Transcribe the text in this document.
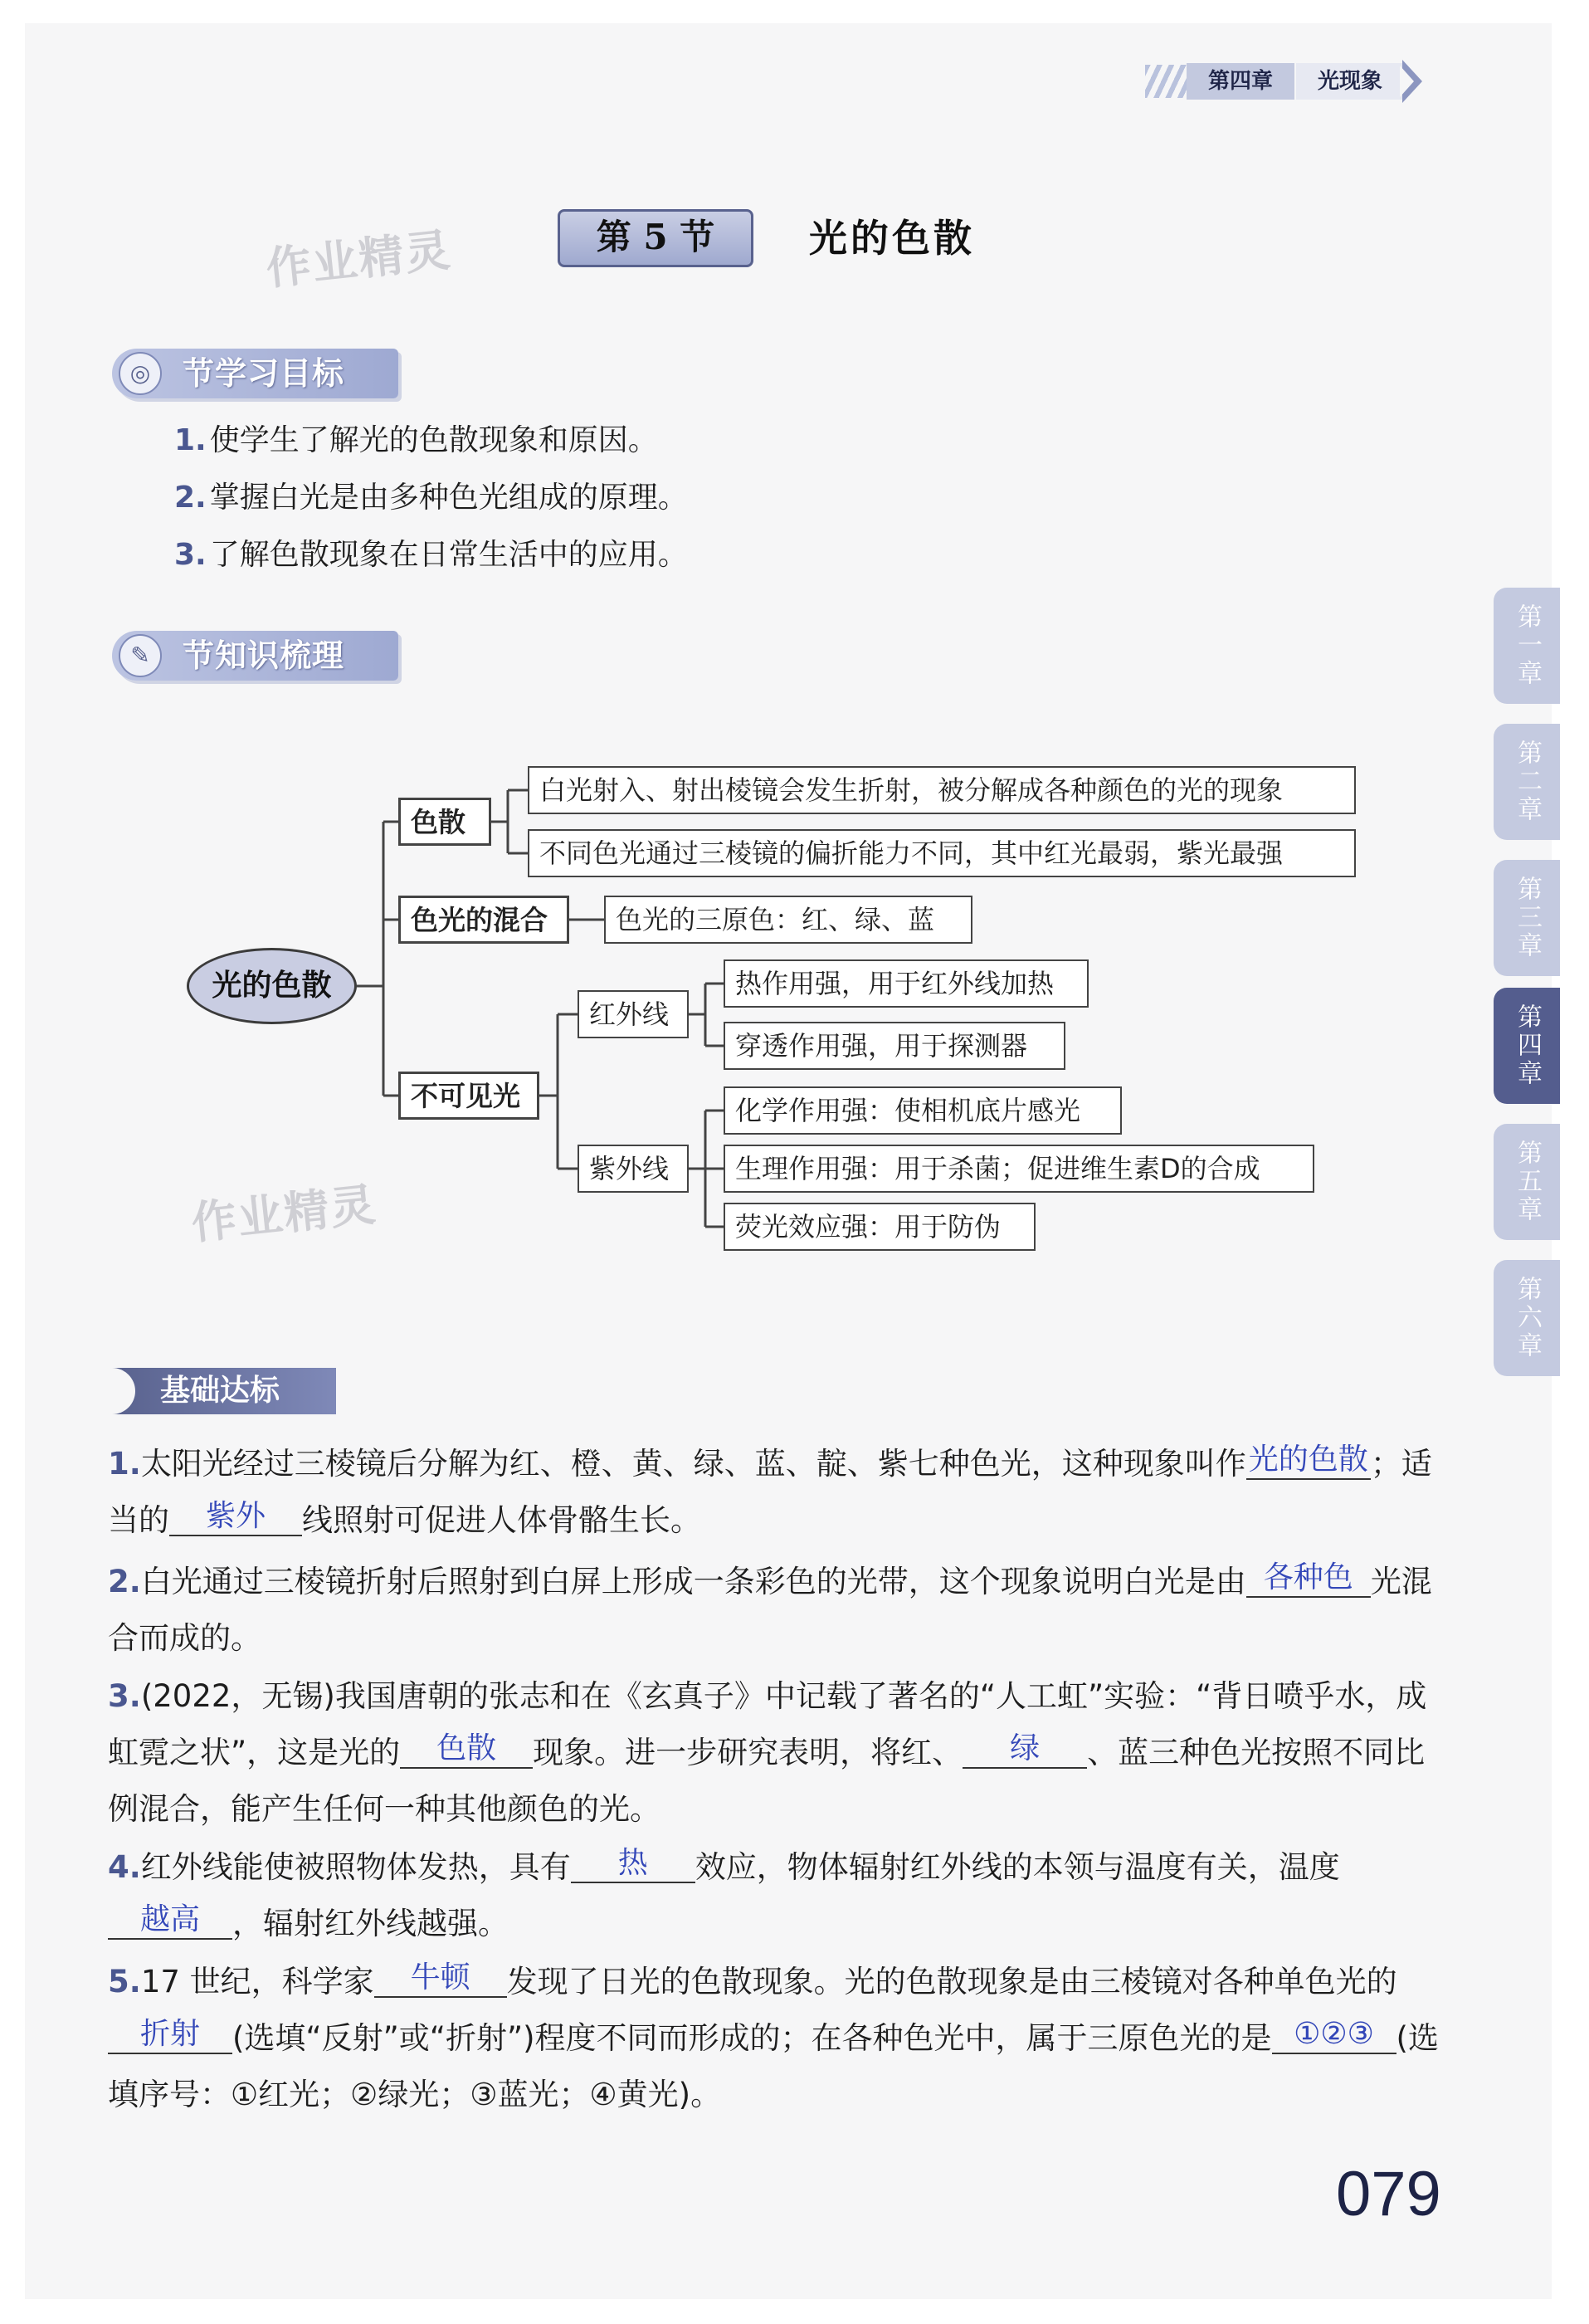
第四章	光现象
第 5 节	光的色散
作业精灵
作业精灵
◎	节学习目标
1. 使学生了解光的色散现象和原因。
2. 掌握白光是由多种色光组成的原理。
3. 了解色散现象在日常生活中的应用。
✎	节知识梳理
光的色散
色散
白光射入、射出棱镜会发生折射，被分解成各种颜色的光的现象
不同色光通过三棱镜的偏折能力不同，其中红光最弱，紫光最强
色光的混合	色光的三原色：红、绿、蓝
不可见光
红外线
热作用强，用于红外线加热
穿透作用强，用于探测器
紫外线
化学作用强：使相机底片感光
生理作用强：用于杀菌；促进维生素D的合成
荧光效应强：用于防伪
基础达标
1.太阳光经过三棱镜后分解为红、橙、黄、绿、蓝、靛、紫七种色光，这种现象叫作光的色散；适当的 紫外 线照射可促进人体骨骼生长。
2.白光通过三棱镜折射后照射到白屏上形成一条彩色的光带，这个现象说明白光是由 各种色 光混合而成的。
3.(2022，无锡)我国唐朝的张志和在《玄真子》中记载了著名的“人工虹”实验：“背日喷乎水，成虹霓之状”，这是光的 色散 现象。进一步研究表明，将红、 绿 、蓝三种色光按照不同比例混合，能产生任何一种其他颜色的光。
4.红外线能使被照物体发热，具有 热 效应，物体辐射红外线的本领与温度有关，温度越高 ，辐射红外线越强。
5.17 世纪，科学家 牛顿 发现了日光的色散现象。光的色散现象是由三棱镜对各种单色光的折射 (选填“反射”或“折射”)程度不同而形成的；在各种色光中，属于三原色光的是 ①②③ (选填序号：①红光；②绿光；③蓝光；④黄光)。
第一章
第二章
第三章
第四章
第五章
第六章
079
